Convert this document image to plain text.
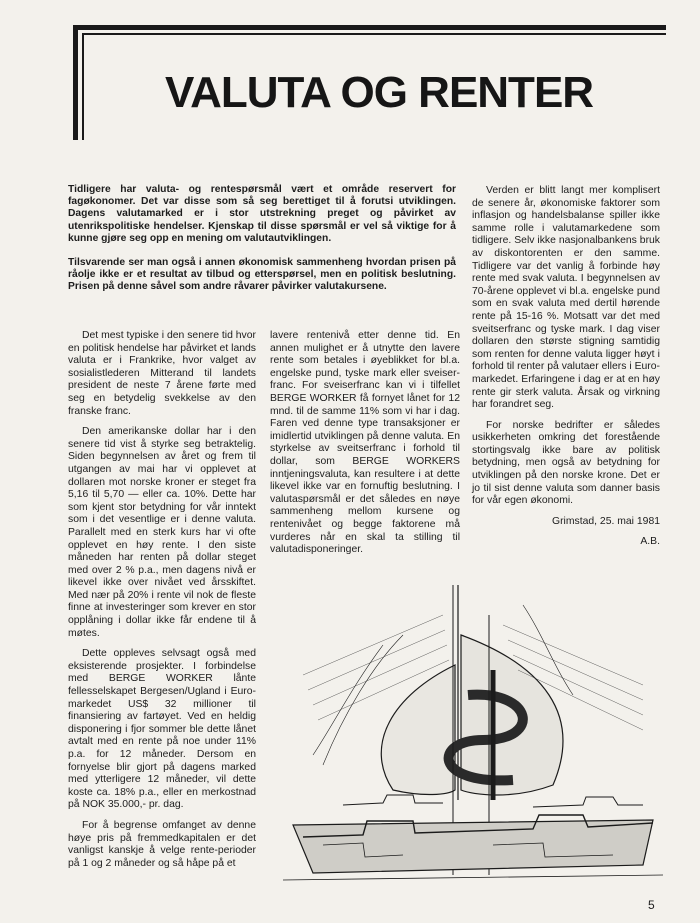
VALUTA OG RENTER

Tidligere har valuta- og rentespørsmål vært et område reservert for fagøkonomer. Det var disse som så seg berettiget til å forutsi utviklingen. Dagens valutamarked er i stor utstrekning preget og påvirket av utenrikspolitiske hendelser. Kjenskap til disse spørsmål er vel så viktige for å kunne gjøre seg opp en mening om valutautviklingen.

Tilsvarende ser man også i annen økonomisk sammenheng hvordan prisen på råolje ikke er et resultat av tilbud og etterspørsel, men en politisk beslutning. Prisen på denne såvel som andre råvarer påvirker valutakursene.

Det mest typiske i den senere tid hvor en politisk hendelse har påvirket et lands valuta er i Frankrike, hvor valget av sosialistlederen Mitterand til landets president de neste 7 årene førte med seg en betydelig svekkelse av den franske franc.

Den amerikanske dollar har i den senere tid vist å styrke seg betraktelig. Siden begynnelsen av året og frem til utgangen av mai har vi opplevet at dollaren mot norske kroner er steget fra 5,16 til 5,70 — eller ca. 10%. Dette har som kjent stor betydning for vår inntekt som i det vesentlige er i denne valuta. Parallelt med en sterk kurs har vi ofte opplevet en høy rente. I den siste måneden har renten på dollar steget med over 2 % p.a., men dagens nivå er likevel ikke over nivået ved årsskiftet. Med nær på 20% i rente vil nok de fleste finne at investeringer som krever en stor opplåning i dollar ikke får endene til å møtes.

Dette oppleves selvsagt også med eksisterende prosjekter. I forbindelse med BERGE WORKER lånte fellesselskapet Bergesen/Ugland i Euro-markedet US$ 32 millioner til finansiering av fartøyet. Ved en heldig disponering i fjor sommer ble dette lånet avtalt med en rente på noe under 11% p.a. for 12 måneder. Dersom en fornyelse blir gjort på dagens marked med ytterligere 12 måneder, vil dette koste ca. 18% p.a., eller en merkostnad på NOK 35.000,- pr. dag.

For å begrense omfanget av denne høye pris på fremmedkapitalen er det vanligst kanskje å velge rente-perioder på 1 og 2 måneder og så håpe på et

lavere rentenivå etter denne tid. En annen mulighet er å utnytte den lavere rente som betales i øyeblikket for bl.a. engelske pund, tyske mark eller sveiser-franc. For sveiserfranc kan vi i tilfellet BERGE WORKER få fornyet lånet for 12 mnd. til de samme 11% som vi har i dag. Faren ved denne type transaksjoner er imidlertid utviklingen på denne valuta. En styrkelse av sveitserfranc i forhold til dollar, som BERGE WORKERS inntjeningsvaluta, kan resultere i at dette likevel ikke var en fornuftig beslutning. I valutaspørsmål er det således en nøye sammenheng mellom kursene og rentenivået og begge faktorene må vurderes når en skal ta stilling til valutadisponeringer.

Verden er blitt langt mer komplisert de senere år, økonomiske faktorer som inflasjon og handelsbalanse spiller ikke samme rolle i valutamarkedene som tidligere. Selv ikke nasjonalbankens bruk av diskontorenten er den samme. Tidligere var det vanlig å forbinde høy rente med svak valuta. I begynnelsen av 70-årene opplevet vi bl.a. engelske pund som en svak valuta med dertil hørende rente på 15-16 %. Motsatt var det med sveitserfranc og tyske mark. I dag viser dollaren den største stigning samtidig som renten for denne valuta ligger høyt i forhold til renter på valutaer ellers i Euro-markedet. Erfaringene i dag er at en høy rente gir sterk valuta. Årsak og virkning har forandret seg.

For norske bedrifter er således usikkerheten omkring det forestående stortingsvalg ikke bare av politisk betydning, men også av betydning for utviklingen på den norske krone. Det er jo til sist denne valuta som danner basis for vår egen økonomi.

Grimstad, 25. mai 1981

A.B.

5
